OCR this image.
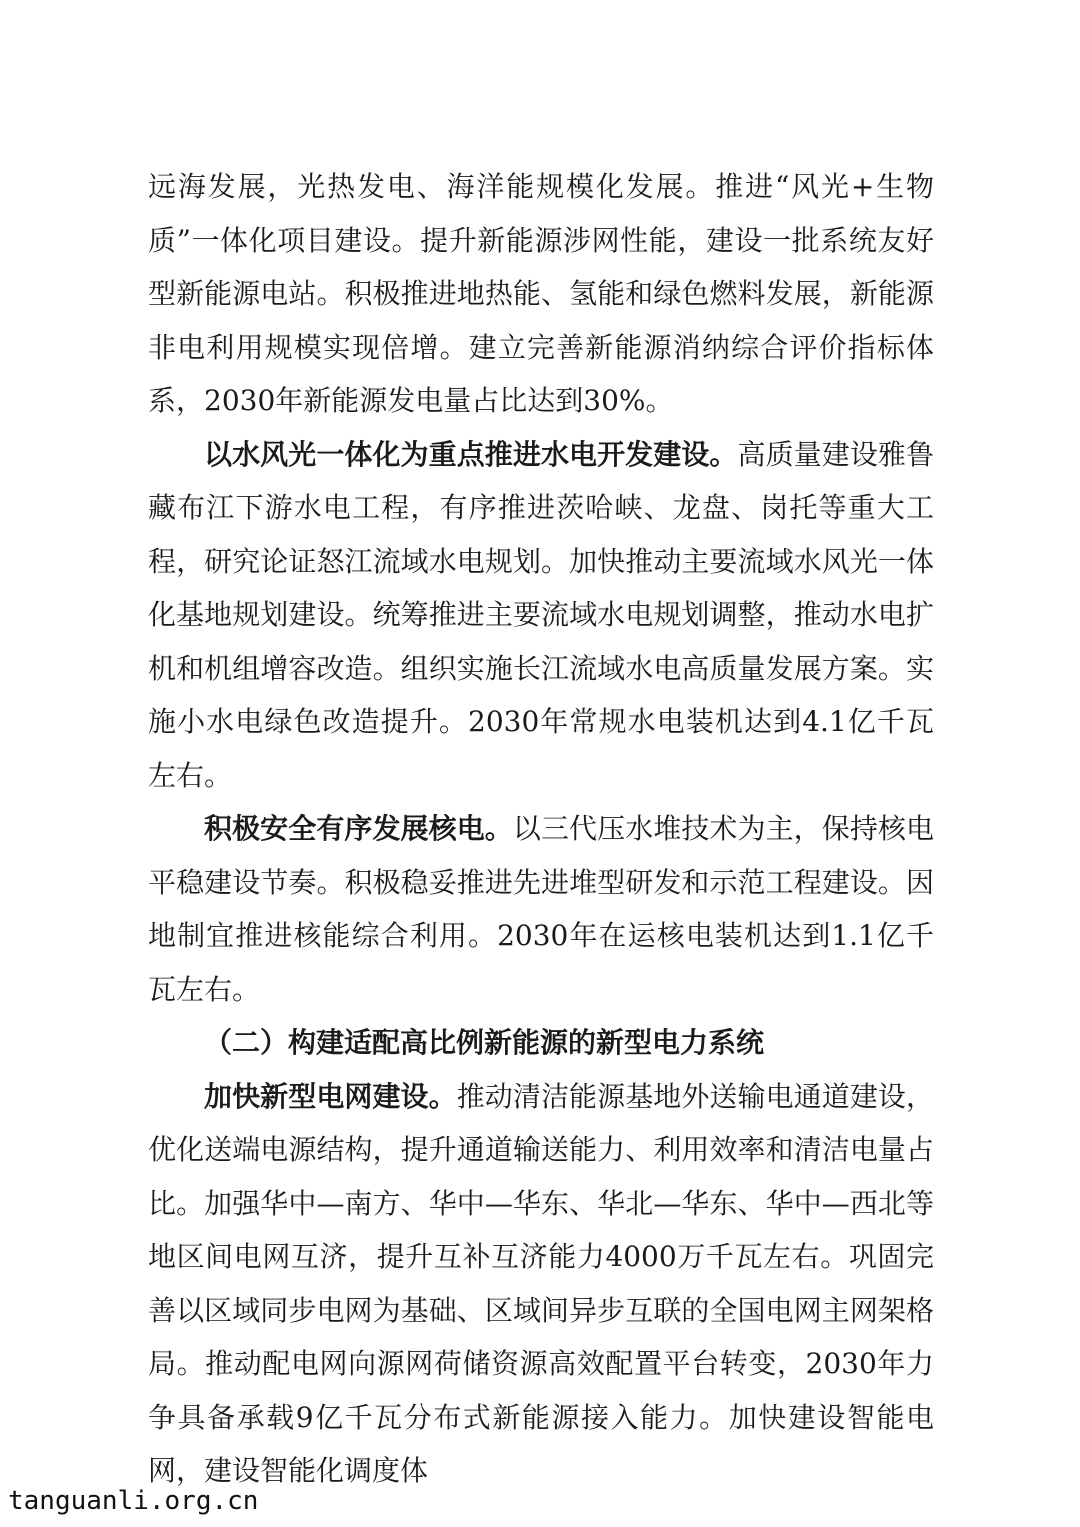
远海发展，光热发电、海洋能规模化发展。推进“风光+生物质”一体化项目建设。提升新能源涉网性能，建设一批系统友好型新能源电站。积极推进地热能、氢能和绿色燃料发展，新能源非电利用规模实现倍增。建立完善新能源消纳综合评价指标体系，2030年新能源发电量占比达到30%。

以水风光一体化为重点推进水电开发建设。高质量建设雅鲁藏布江下游水电工程，有序推进茨哈峡、龙盘、岗托等重大工程，研究论证怒江流域水电规划。加快推动主要流域水风光一体化基地规划建设。统筹推进主要流域水电规划调整，推动水电扩机和机组增容改造。组织实施长江流域水电高质量发展方案。实施小水电绿色改造提升。2030年常规水电装机达到4.1亿千瓦左右。

积极安全有序发展核电。以三代压水堆技术为主，保持核电平稳建设节奏。积极稳妥推进先进堆型研发和示范工程建设。因地制宜推进核能综合利用。2030年在运核电装机达到1.1亿千瓦左右。

（二）构建适配高比例新能源的新型电力系统

加快新型电网建设。推动清洁能源基地外送输电通道建设，优化送端电源结构，提升通道输送能力、利用效率和清洁电量占比。加强华中—南方、华中—华东、华北—华东、华中—西北等地区间电网互济，提升互补互济能力4000万千瓦左右。巩固完善以区域同步电网为基础、区域间异步互联的全国电网主网架格局。推动配电网向源网荷储资源高效配置平台转变，2030年力争具备承载9亿千瓦分布式新能源接入能力。加快建设智能电网，建设智能化调度体

tanguanli.org.cn
